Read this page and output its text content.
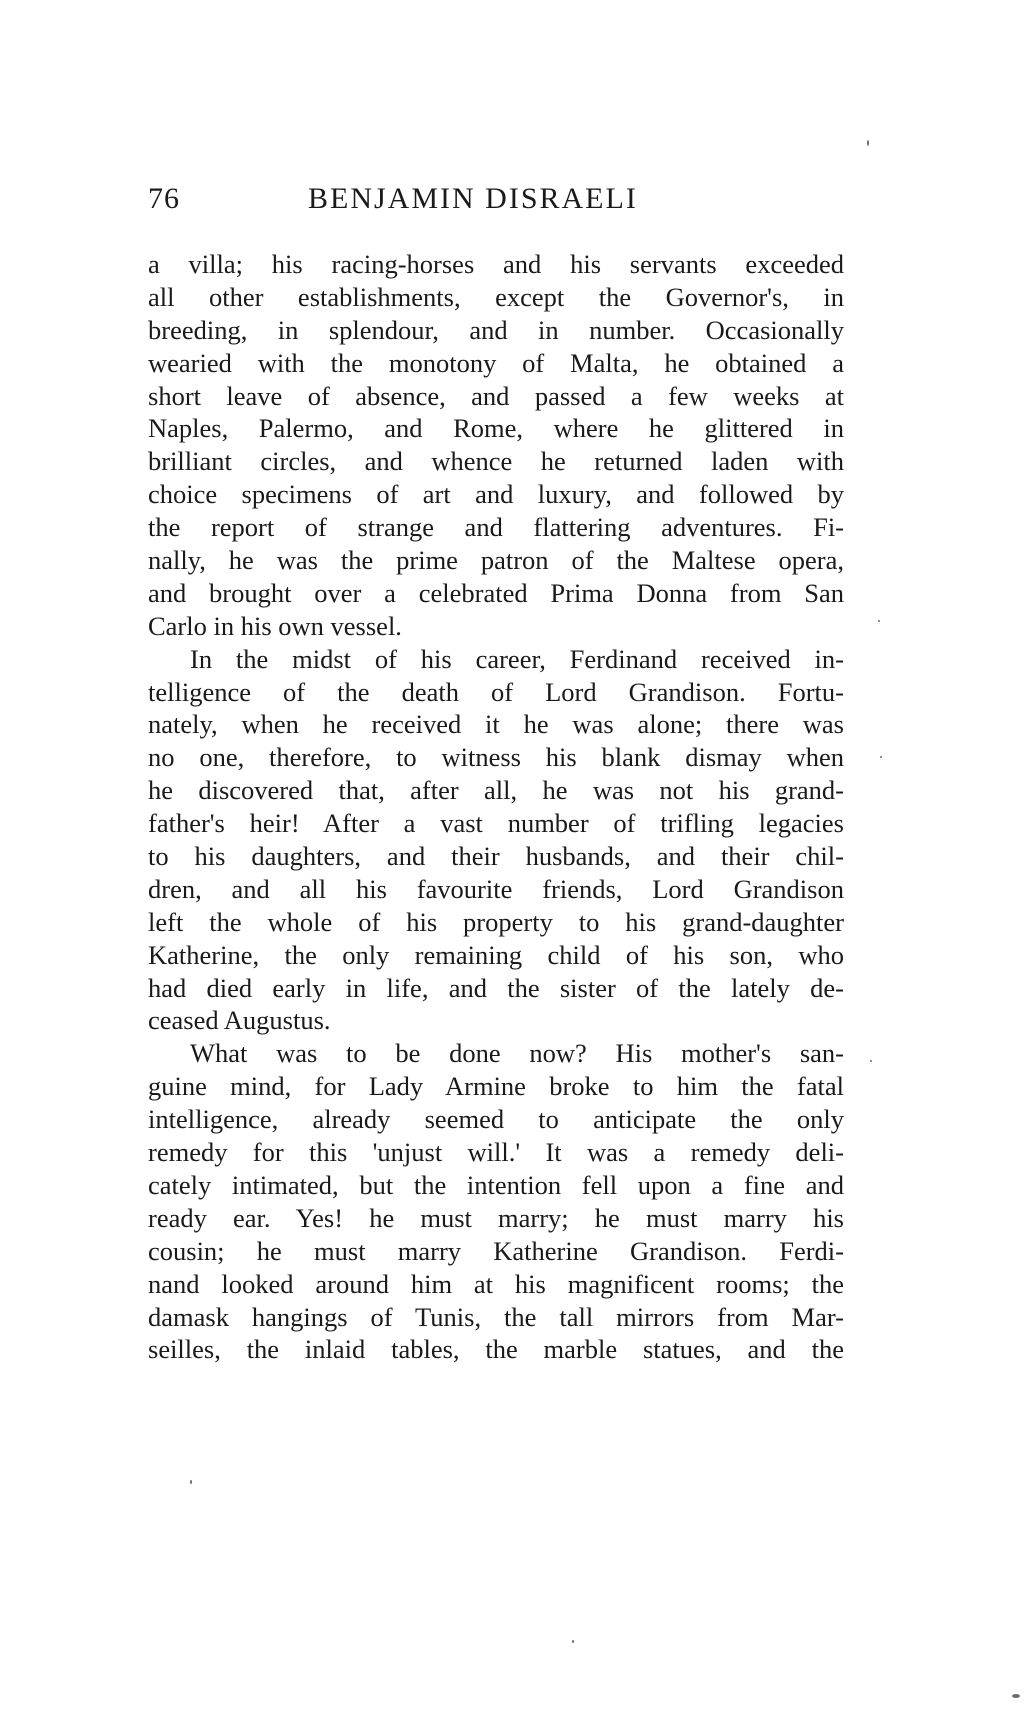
76	BENJAMIN DISRAELI
a villa; his racing-horses and his servants exceeded
all other establishments, except the Governor's, in
breeding, in splendour, and in number. Occasionally
wearied with the monotony of Malta, he obtained a
short leave of absence, and passed a few weeks at
Naples, Palermo, and Rome, where he glittered in
brilliant circles, and whence he returned laden with
choice specimens of art and luxury, and followed by
the report of strange and flattering adventures. Fi-
nally, he was the prime patron of the Maltese opera,
and brought over a celebrated Prima Donna from San
Carlo in his own vessel.
In the midst of his career, Ferdinand received in-
telligence of the death of Lord Grandison. Fortu-
nately, when he received it he was alone; there was
no one, therefore, to witness his blank dismay when
he discovered that, after all, he was not his grand-
father's heir! After a vast number of trifling legacies
to his daughters, and their husbands, and their chil-
dren, and all his favourite friends, Lord Grandison
left the whole of his property to his grand-daughter
Katherine, the only remaining child of his son, who
had died early in life, and the sister of the lately de-
ceased Augustus.
What was to be done now? His mother's san-
guine mind, for Lady Armine broke to him the fatal
intelligence, already seemed to anticipate the only
remedy for this 'unjust will.' It was a remedy deli-
cately intimated, but the intention fell upon a fine and
ready ear. Yes! he must marry; he must marry his
cousin; he must marry Katherine Grandison. Ferdi-
nand looked around him at his magnificent rooms; the
damask hangings of Tunis, the tall mirrors from Mar-
seilles, the inlaid tables, the marble statues, and the
